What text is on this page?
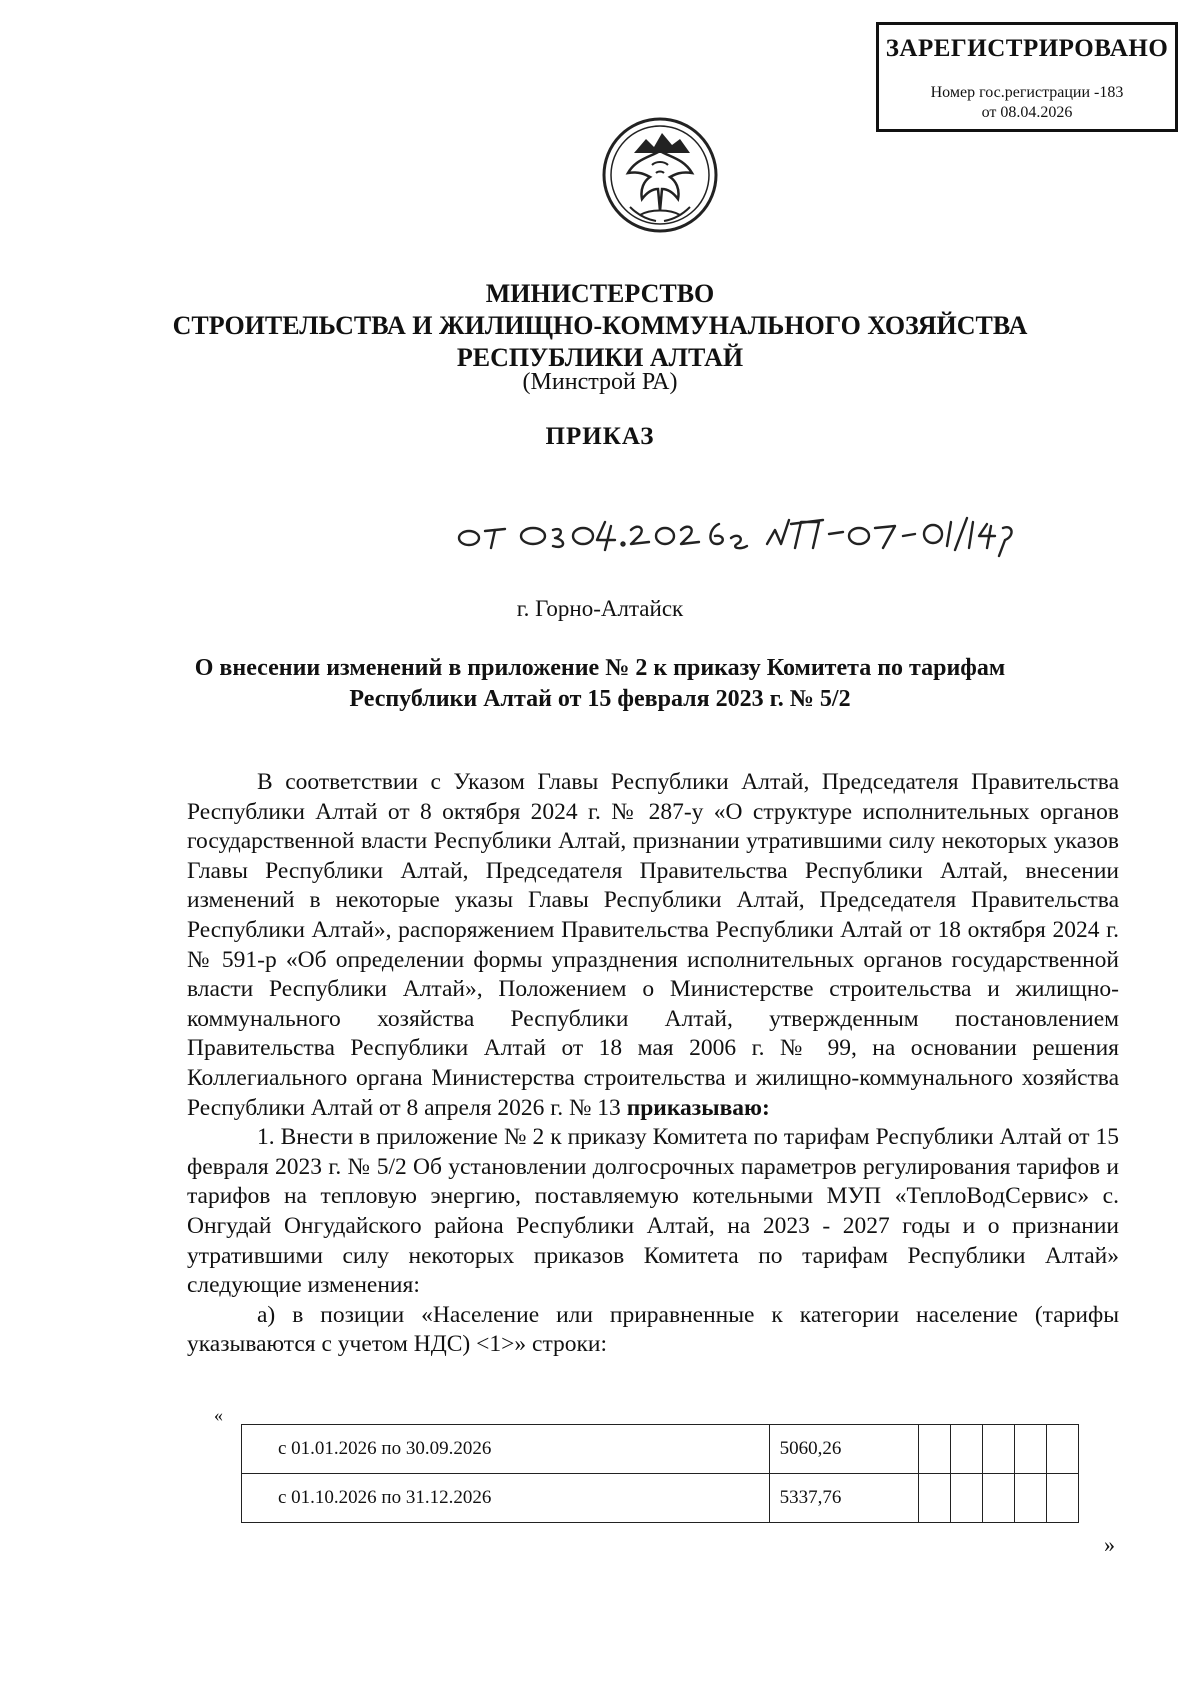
ЗАРЕГИСТРИРОВАНО
Номер гос.регистрации -183
от 08.04.2026
МИНИСТЕРСТВО
СТРОИТЕЛЬСТВА И ЖИЛИЩНО-КОММУНАЛЬНОГО ХОЗЯЙСТВА
РЕСПУБЛИКИ АЛТАЙ
(Минстрой РА)
ПРИКАЗ
г. Горно-Алтайск
О внесении изменений в приложение № 2 к приказу Комитета по тарифам
Республики Алтай от 15 февраля 2023 г. № 5/2

В соответствии с Указом Главы Республики Алтай, Председателя Правительства Республики Алтай от 8 октября 2024 г. № 287-у «О структуре исполнительных органов государственной власти Республики Алтай, признании утратившими силу некоторых указов Главы Республики Алтай, Председателя Правительства Республики Алтай, внесении изменений в некоторые указы Главы Республики Алтай, Председателя Правительства Республики Алтай», распоряжением Правительства Республики Алтай от 18 октября 2024 г. № 591-р «Об определении формы упразднения исполнительных органов государственной власти Республики Алтай», Положением о Министерстве строительства и жилищно-коммунального хозяйства Республики Алтай, утвержденным постановлением Правительства Республики Алтай от 18 мая 2006 г. № 99, на основании решения Коллегиального органа Министерства строительства и жилищно-коммунального хозяйства Республики Алтай от 8 апреля 2026 г. № 13 приказываю:

1. Внести в приложение № 2 к приказу Комитета по тарифам Республики Алтай от 15 февраля 2023 г. № 5/2 Об установлении долгосрочных параметров регулирования тарифов и тарифов на тепловую энергию, поставляемую котельными МУП «ТеплоВодСервис» с. Онгудай Онгудайского района Республики Алтай, на 2023 - 2027 годы и о признании утратившими силу некоторых приказов Комитета по тарифам Республики Алтай» следующие изменения:

а) в позиции «Население или приравненные к категории население (тарифы указываются с учетом НДС) <1>» строки:

«
с 01.01.2026 по 30.09.2026	5060,26					
с 01.10.2026 по 31.12.2026	5337,76					
»
